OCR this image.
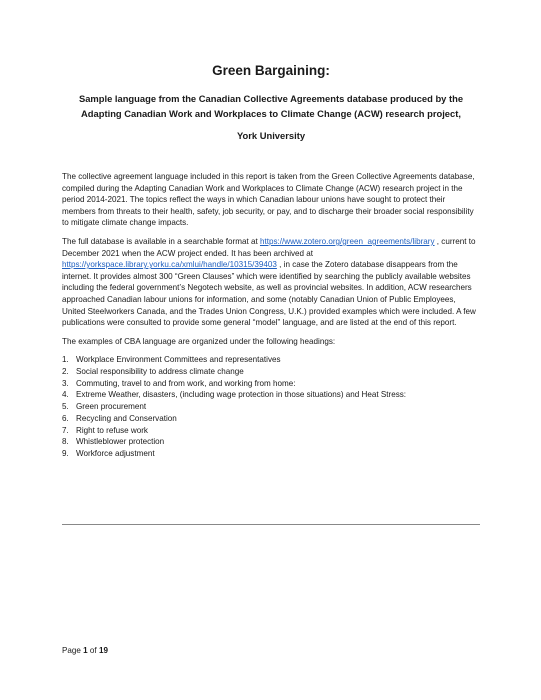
Green Bargaining:
Sample language from the Canadian Collective Agreements database produced by the Adapting Canadian Work and Workplaces to Climate Change (ACW) research project,
York University

The collective agreement language included in this report is taken from the Green Collective Agreements database, compiled during the Adapting Canadian Work and Workplaces to Climate Change (ACW) research project in the period 2014-2021. The topics reflect the ways in which Canadian labour unions have sought to protect their members from threats to their health, safety, job security, or pay, and to discharge their broader social responsibility to mitigate climate change impacts.

The full database is available in a searchable format at https://www.zotero.org/green_agreements/library , current to December 2021 when the ACW project ended. It has been archived at https://yorkspace.library.yorku.ca/xmlui/handle/10315/39403 , in case the Zotero database disappears from the internet. It provides almost 300 “Green Clauses” which were identified by searching the publicly available websites including the federal government’s Negotech website, as well as provincial websites. In addition, ACW researchers approached Canadian labour unions for information, and some (notably Canadian Union of Public Employees, United Steelworkers Canada, and the Trades Union Congress, U.K.) provided examples which were included. A few publications were consulted to provide some general “model” language, and are listed at the end of this report.

The examples of CBA language are organized under the following headings:

1. Workplace Environment Committees and representatives
2. Social responsibility to address climate change
3. Commuting, travel to and from work, and working from home:
4. Extreme Weather, disasters, (including wage protection in those situations) and Heat Stress:
5. Green procurement
6. Recycling and Conservation
7. Right to refuse work
8. Whistleblower protection
9. Workforce adjustment
Page 1 of 19
